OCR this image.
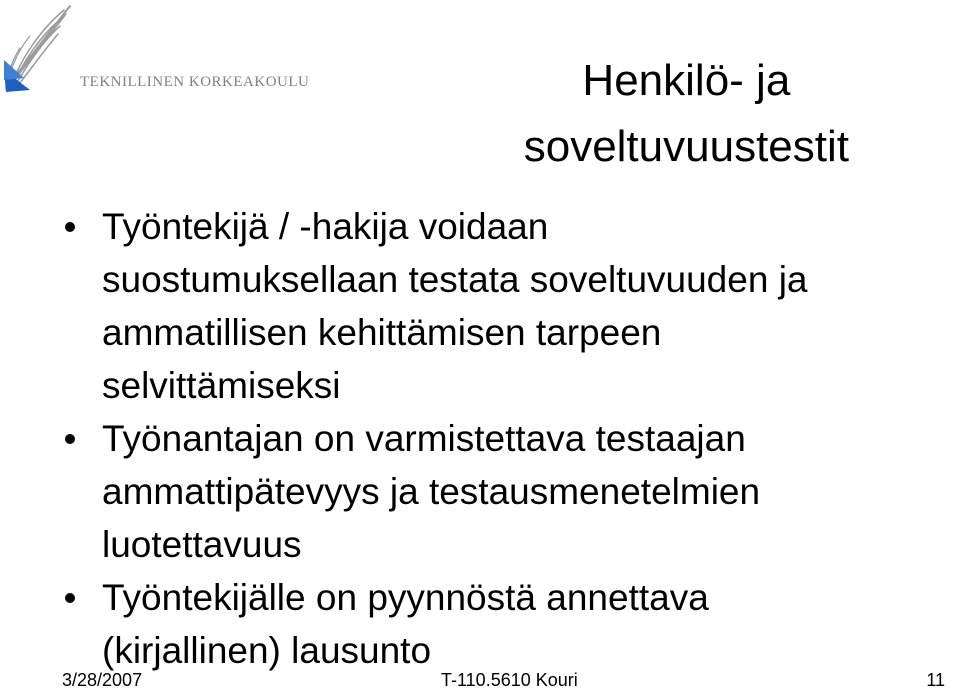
TEKNILLINEN KORKEAKOULU	Henkilö- ja
soveltuvuustestit
Työntekijä / -hakija voidaan
suostumuksellaan testata soveltuvuuden ja
ammatillisen kehittämisen tarpeen
selvittämiseksi
Työnantajan on varmistettava testaajan
ammattipätevyys ja testausmenetelmien
luotettavuus
Työntekijälle on pyynnöstä annettava
(kirjallinen) lausunto
3/28/2007	T-110.5610 Kouri	11
